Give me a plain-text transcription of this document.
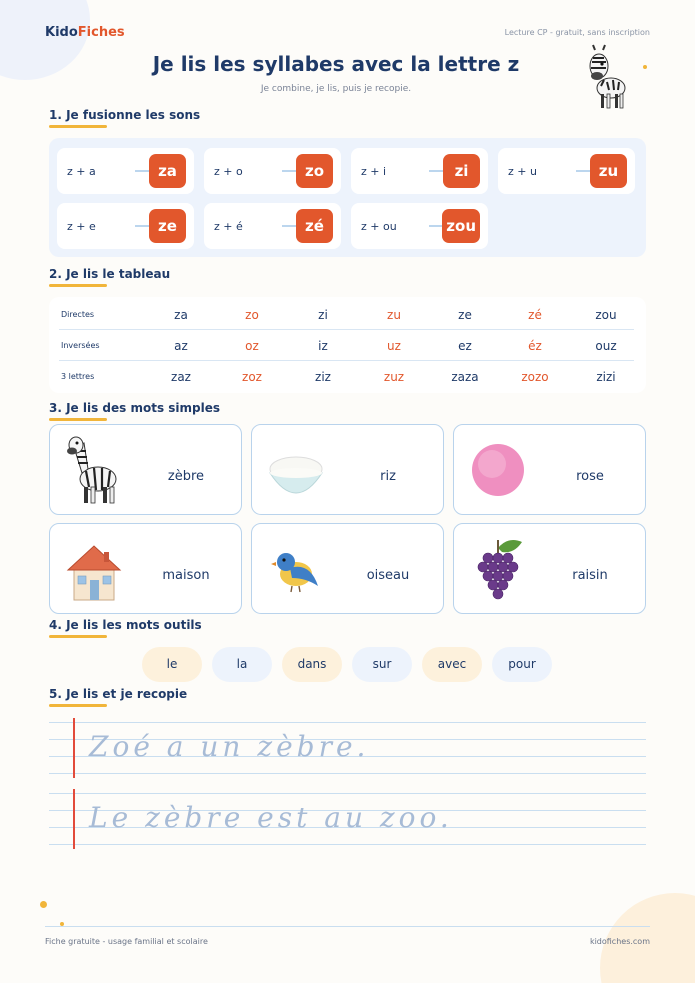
KidoFiches	Lecture CP - gratuit, sans inscription
Je lis les syllabes avec la lettre z
Je combine, je lis, puis je recopie.
1. Je fusionne les sons
z + a	za	z + o	zo	z + i	zi	z + u	zu
z + e	ze	z + é	zé	z + ou	zou
2. Je lis le tableau
Directes	za	zo	zi	zu	ze	zé	zou
Inversées	az	oz	iz	uz	ez	éz	ouz
3 lettres	zaz	zoz	ziz	zuz	zaza	zozo	zizi
3. Je lis des mots simples
zèbre	riz	rose
maison	oiseau	raisin
4. Je lis les mots outils
le	la	dans	sur	avec	pour
5. Je lis et je recopie
Zoé a un zèbre.
Le zèbre est au zoo.
Fiche gratuite - usage familial et scolaire	kidofiches.com
